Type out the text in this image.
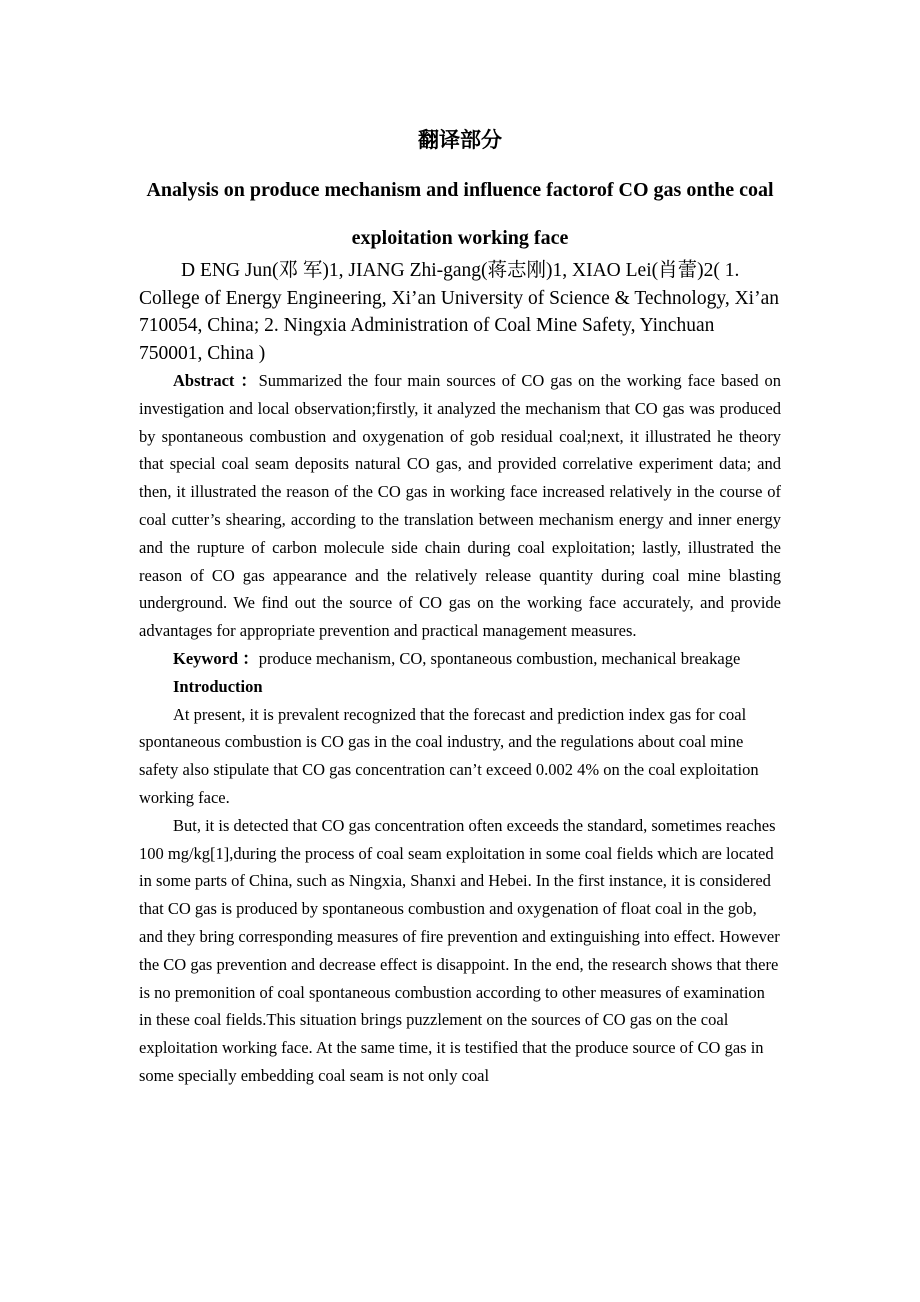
翻译部分
Analysis on produce mechanism and influence factorof CO gas onthe coal exploitation working face
D ENG Jun(邓 军)1, JIANG Zhi-gang(蒋志刚)1, XIAO Lei(肖蕾)2( 1. College of Energy Engineering, Xi’an University of Science & Technology, Xi’an 710054, China; 2. Ningxia Administration of Coal Mine Safety, Yinchuan 750001, China )

Abstract ：Summarized the four main sources of CO gas on the working face based on investigation and local observation;firstly, it analyzed the mechanism that CO gas was produced by spontaneous combustion and oxygenation of gob residual coal;next, it illustrated he theory that special coal seam deposits natural CO gas, and provided correlative experiment data; and then, it illustrated the reason of the CO gas in working face increased relatively in the course of coal cutter’s shearing, according to the translation between mechanism energy and inner energy and the rupture of carbon molecule side chain during coal exploitation; lastly, illustrated the reason of CO gas appearance and the relatively release quantity during coal mine blasting underground. We find out the source of CO gas on the working face accurately, and provide advantages for appropriate prevention and practical management measures.

Keyword ：produce mechanism, CO, spontaneous combustion, mechanical breakage

Introduction

At present, it is prevalent recognized that the forecast and prediction index gas for coal spontaneous combustion is CO gas in the coal industry, and the regulations about coal mine safety also stipulate that CO gas concentration can’t exceed 0.002 4% on the coal exploitation working face.

But, it is detected that CO gas concentration often exceeds the standard, sometimes reaches 100 mg/kg[1],during the process of coal seam exploitation in some coal fields which are located in some parts of China, such as Ningxia, Shanxi and Hebei. In the first instance, it is considered that CO gas is produced by spontaneous combustion and oxygenation of float coal in the gob, and they bring corresponding measures of fire prevention and extinguishing into effect. However the CO gas prevention and decrease effect is disappoint. In the end, the research shows that there is no premonition of coal spontaneous combustion according to other measures of examination in these coal fields.This situation brings puzzlement on the sources of CO gas on the coal exploitation working face. At the same time, it is testified that the produce source of CO gas in some specially embedding coal seam is not only coal
